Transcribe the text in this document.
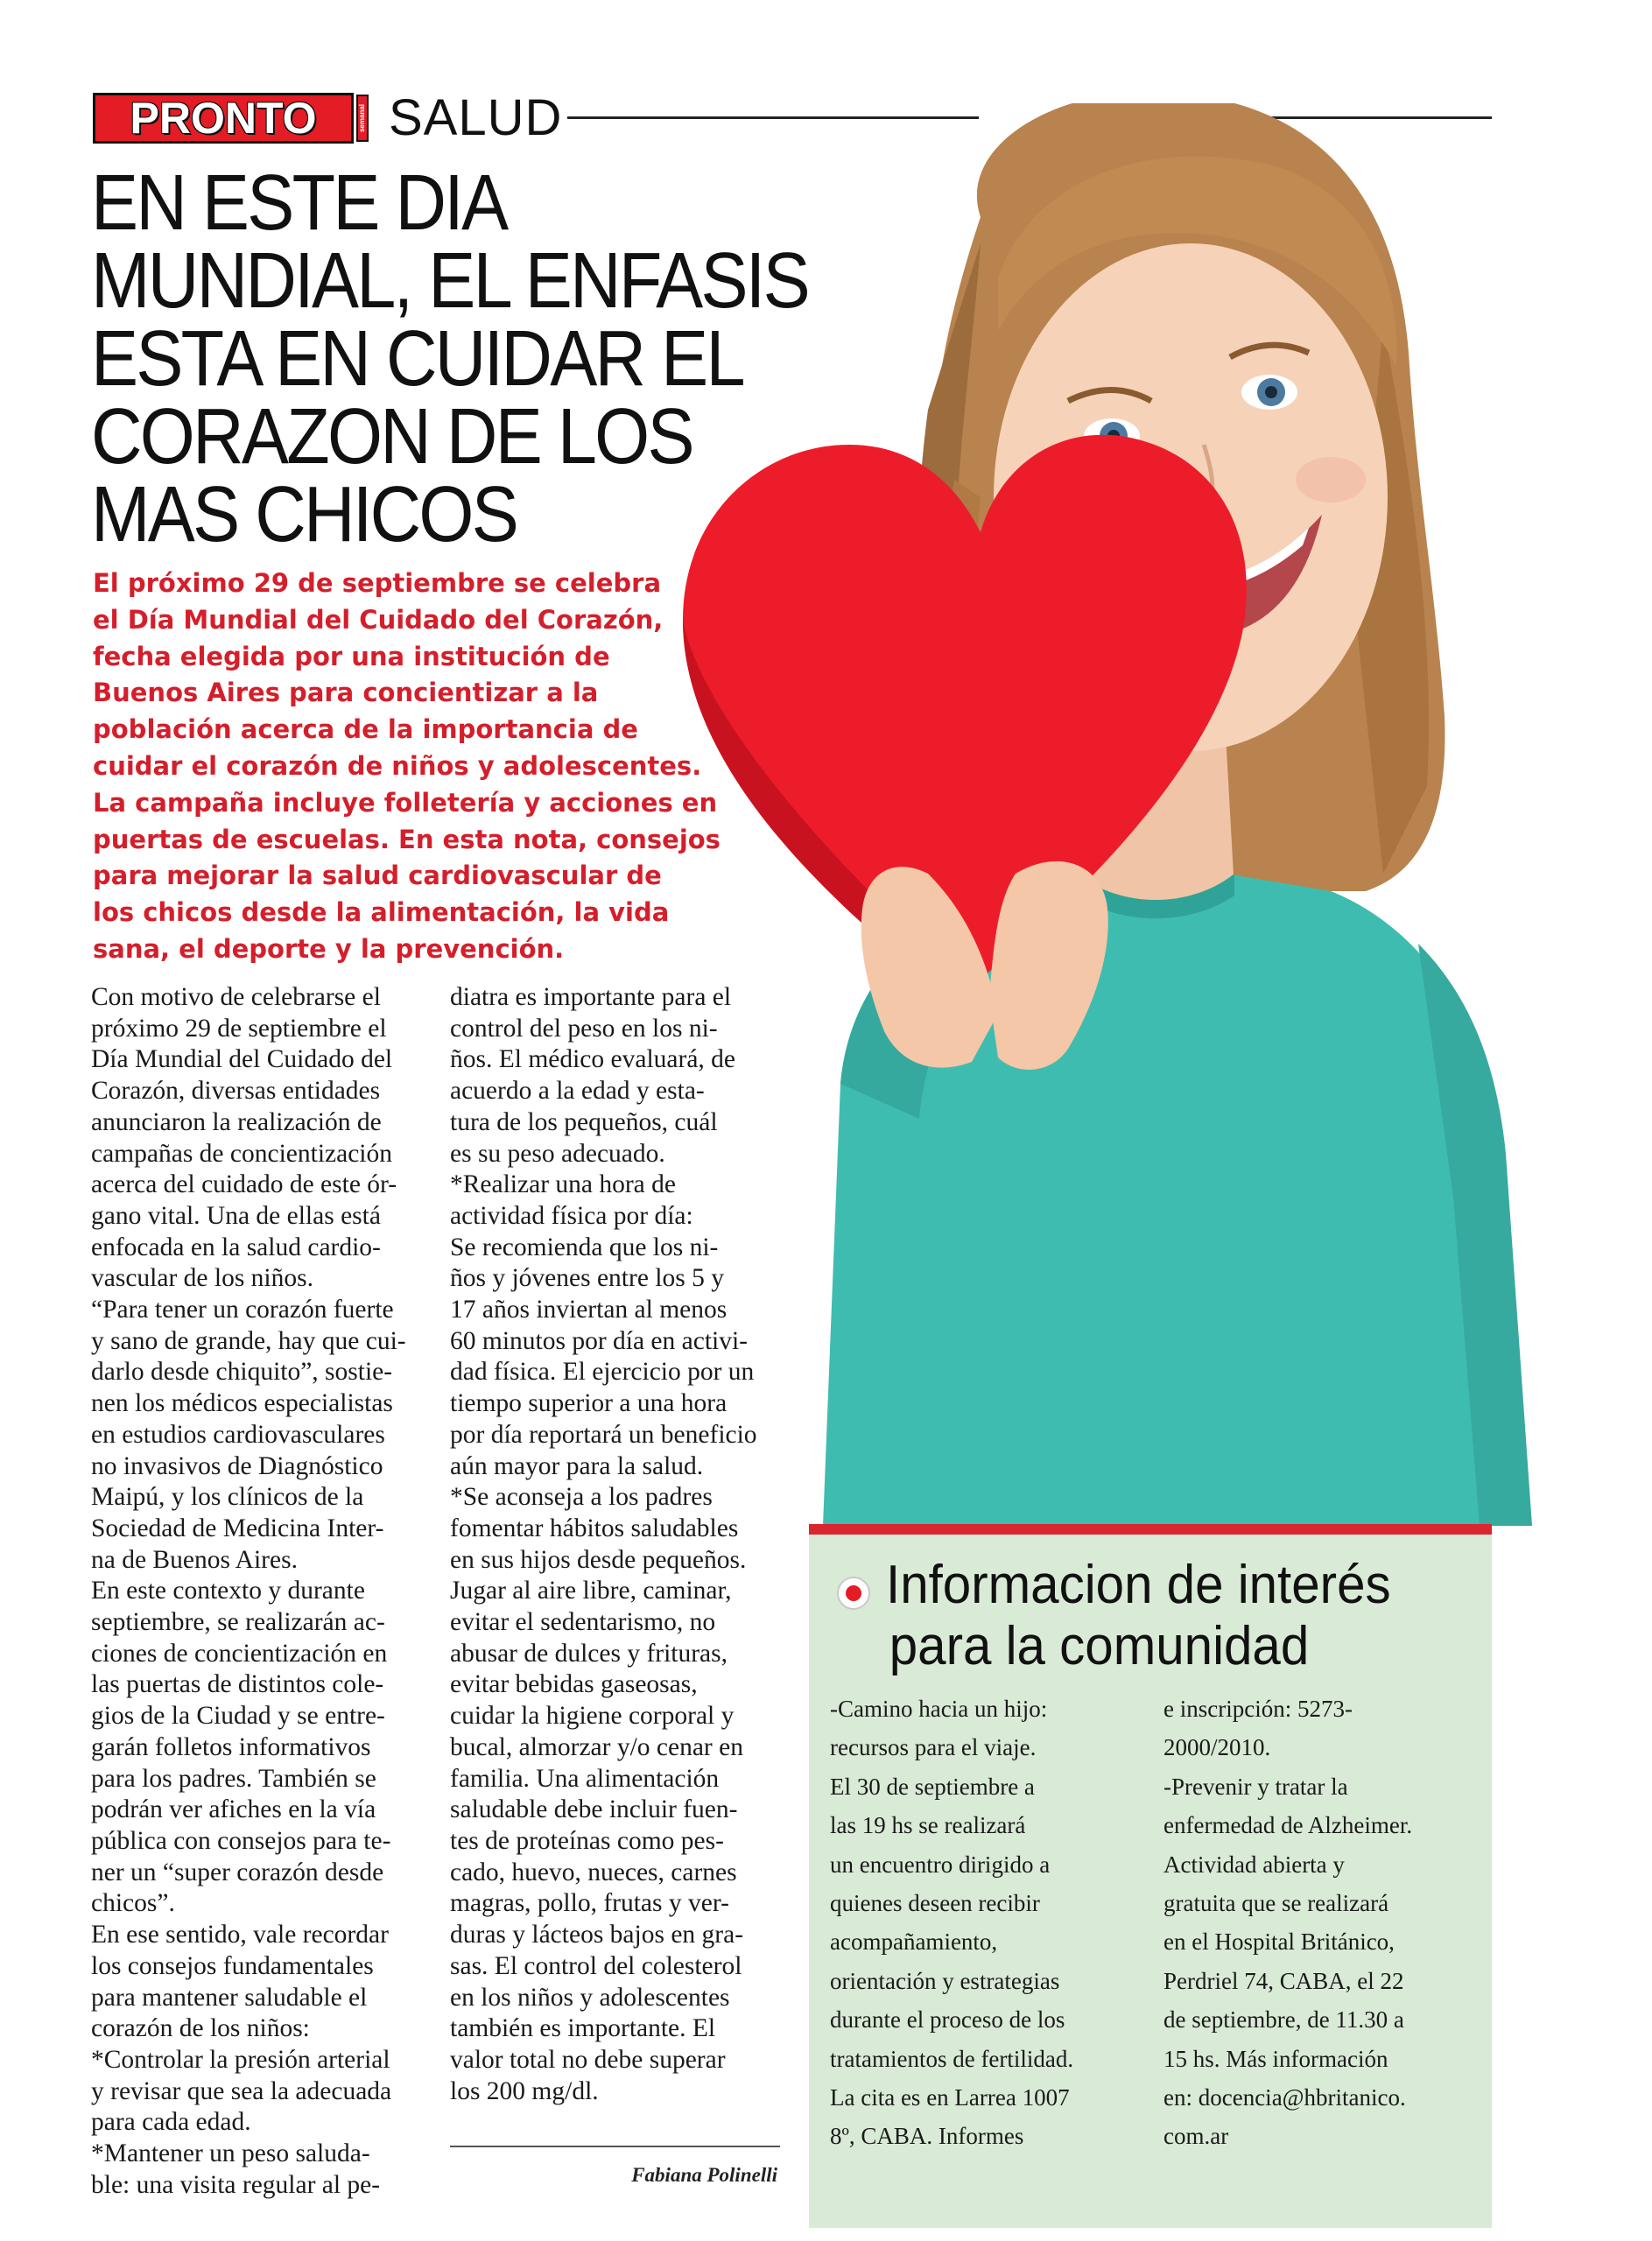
PRONTO	semanal SALUD
EN ESTE DIA
MUNDIAL, EL ENFASIS
ESTA EN CUIDAR EL
CORAZON DE LOS
MAS CHICOS
El próximo 29 de septiembre se celebra
el Día Mundial del Cuidado del Corazón,
fecha elegida por una institución de
Buenos Aires para concientizar a la
población acerca de la importancia de
cuidar el corazón de niños y adolescentes.
La campaña incluye folletería y acciones en
puertas de escuelas. En esta nota, consejos
para mejorar la salud cardiovascular de
los chicos desde la alimentación, la vida
sana, el deporte y la prevención.
Con motivo de celebrarse el
próximo 29 de septiembre el
Día Mundial del Cuidado del
Corazón, diversas entidades
anunciaron la realización de
campañas de concientización
acerca del cuidado de este ór-
gano vital. Una de ellas está
enfocada en la salud cardio-
vascular de los niños.
“Para tener un corazón fuerte
y sano de grande, hay que cui-
darlo desde chiquito”, sostie-
nen los médicos especialistas
en estudios cardiovasculares
no invasivos de Diagnóstico
Maipú, y los clínicos de la
Sociedad de Medicina Inter-
na de Buenos Aires.
En este contexto y durante
septiembre, se realizarán ac-
ciones de concientización en
las puertas de distintos cole-
gios de la Ciudad y se entre-
garán folletos informativos
para los padres. También se
podrán ver afiches en la vía
pública con consejos para te-
ner un “super corazón desde
chicos”.
En ese sentido, vale recordar
los consejos fundamentales
para mantener saludable el
corazón de los niños:
*Controlar la presión arterial
y revisar que sea la adecuada
para cada edad.
*Mantener un peso saluda-
ble: una visita regular al pe-
diatra es importante para el
control del peso en los ni-
ños. El médico evaluará, de
acuerdo a la edad y esta-
tura de los pequeños, cuál
es su peso adecuado.
*Realizar una hora de
actividad física por día:
Se recomienda que los ni-
ños y jóvenes entre los 5 y
17 años inviertan al menos
60 minutos por día en activi-
dad física. El ejercicio por un
tiempo superior a una hora
por día reportará un beneficio
aún mayor para la salud.
*Se aconseja a los padres
fomentar hábitos saludables
en sus hijos desde pequeños.
Jugar al aire libre, caminar,
evitar el sedentarismo, no
abusar de dulces y frituras,
evitar bebidas gaseosas,
cuidar la higiene corporal y
bucal, almorzar y/o cenar en
familia. Una alimentación
saludable debe incluir fuen-
tes de proteínas como pes-
cado, huevo, nueces, carnes
magras, pollo, frutas y ver-
duras y lácteos bajos en gra-
sas. El control del colesterol
en los niños y adolescentes
también es importante. El
valor total no debe superar
los 200 mg/dl.
Fabiana Polinelli
Informacion de interés
para la comunidad
-Camino hacia un hijo:
recursos para el viaje.
El 30 de septiembre a
las 19 hs se realizará
un encuentro dirigido a
quienes deseen recibir
acompañamiento,
orientación y estrategias
durante el proceso de los
tratamientos de fertilidad.
La cita es en Larrea 1007
8º, CABA. Informes
e inscripción: 5273-
2000/2010.
-Prevenir y tratar la
enfermedad de Alzheimer.
Actividad abierta y
gratuita que se realizará
en el Hospital Británico,
Perdriel 74, CABA, el 22
de septiembre, de 11.30 a
15 hs. Más información
en: docencia@hbritanico.
com.ar
